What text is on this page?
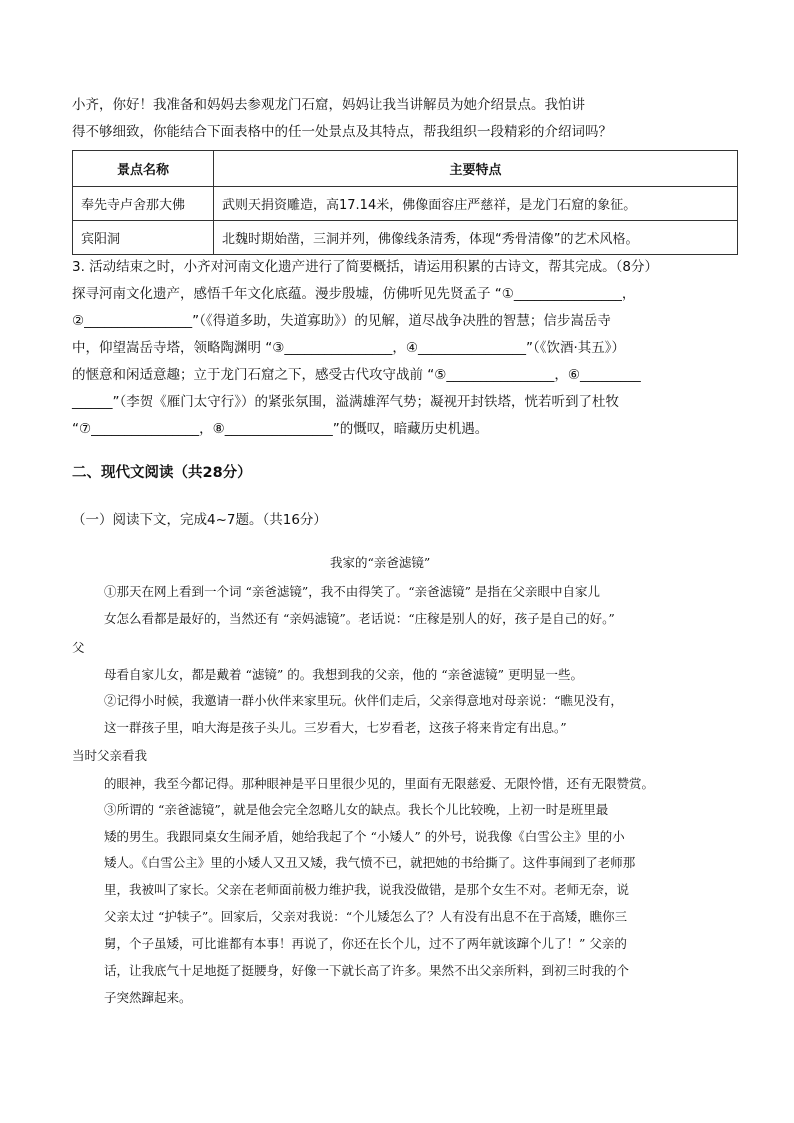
小齐，你好！我准备和妈妈去参观龙门石窟，妈妈让我当讲解员为她介绍景点。我怕讲
得不够细致，你能结合下面表格中的任一处景点及其特点，帮我组织一段精彩的介绍词吗？
景点名称	主要特点
奉先寺卢舍那大佛	武则天捐资雕造，高17.14米，佛像面容庄严慈祥，是龙门石窟的象征。
宾阳洞	北魏时期始凿，三洞并列，佛像线条清秀，体现“秀骨清像”的艺术风格。
3. 活动结束之时，小齐对河南文化遗产进行了简要概括，请运用积累的古诗文，帮其完成。（8分）
探寻河南文化遗产，感悟千年文化底蕴。漫步殷墟，仿佛听见先贤孟子 “①________________，
②________________”（《得道多助，失道寡助》）的见解，道尽战争决胜的智慧；信步嵩岳寺
中，仰望嵩岳寺塔，领略陶渊明 “③________________，④________________”（《饮酒·其五》）
的惬意和闲适意趣；立于龙门石窟之下，感受古代攻守战前 “⑤________________，⑥_________
______”（李贺《雁门太守行》）的紧张氛围，溢满雄浑气势；凝视开封铁塔，恍若听到了杜牧
“⑦________________，⑧________________”的慨叹，暗藏历史机遇。
二、现代文阅读（共28分）
（一）阅读下文，完成4~7题。（共16分）
我家的“亲爸滤镜”
①那天在网上看到一个词 “亲爸滤镜”，我不由得笑了。“亲爸滤镜” 是指在父亲眼中自家儿
女怎么看都是最好的，当然还有 “亲妈滤镜”。老话说：“庄稼是别人的好，孩子是自己的好。”
父
母看自家儿女，都是戴着 “滤镜” 的。我想到我的父亲，他的 “亲爸滤镜” 更明显一些。
②记得小时候，我邀请一群小伙伴来家里玩。伙伴们走后，父亲得意地对母亲说：“瞧见没有，
这一群孩子里，咱大海是孩子头儿。三岁看大，七岁看老，这孩子将来肯定有出息。”
当时父亲看我
的眼神，我至今都记得。那种眼神是平日里很少见的，里面有无限慈爱、无限怜惜，还有无限赞赏。
③所谓的 “亲爸滤镜”，就是他会完全忽略儿女的缺点。我长个儿比较晚，上初一时是班里最
矮的男生。我跟同桌女生闹矛盾，她给我起了个 “小矮人” 的外号，说我像《白雪公主》里的小
矮人。《白雪公主》里的小矮人又丑又矮，我气愤不已，就把她的书给撕了。这件事闹到了老师那
里，我被叫了家长。父亲在老师面前极力维护我，说我没做错，是那个女生不对。老师无奈，说
父亲太过 “护犊子”。回家后，父亲对我说：“个儿矮怎么了？人有没有出息不在于高矮，瞧你三
舅，个子虽矮，可比谁都有本事！再说了，你还在长个儿，过不了两年就该蹿个儿了！” 父亲的
话，让我底气十足地挺了挺腰身，好像一下就长高了许多。果然不出父亲所料，到初三时我的个
子突然蹿起来。
